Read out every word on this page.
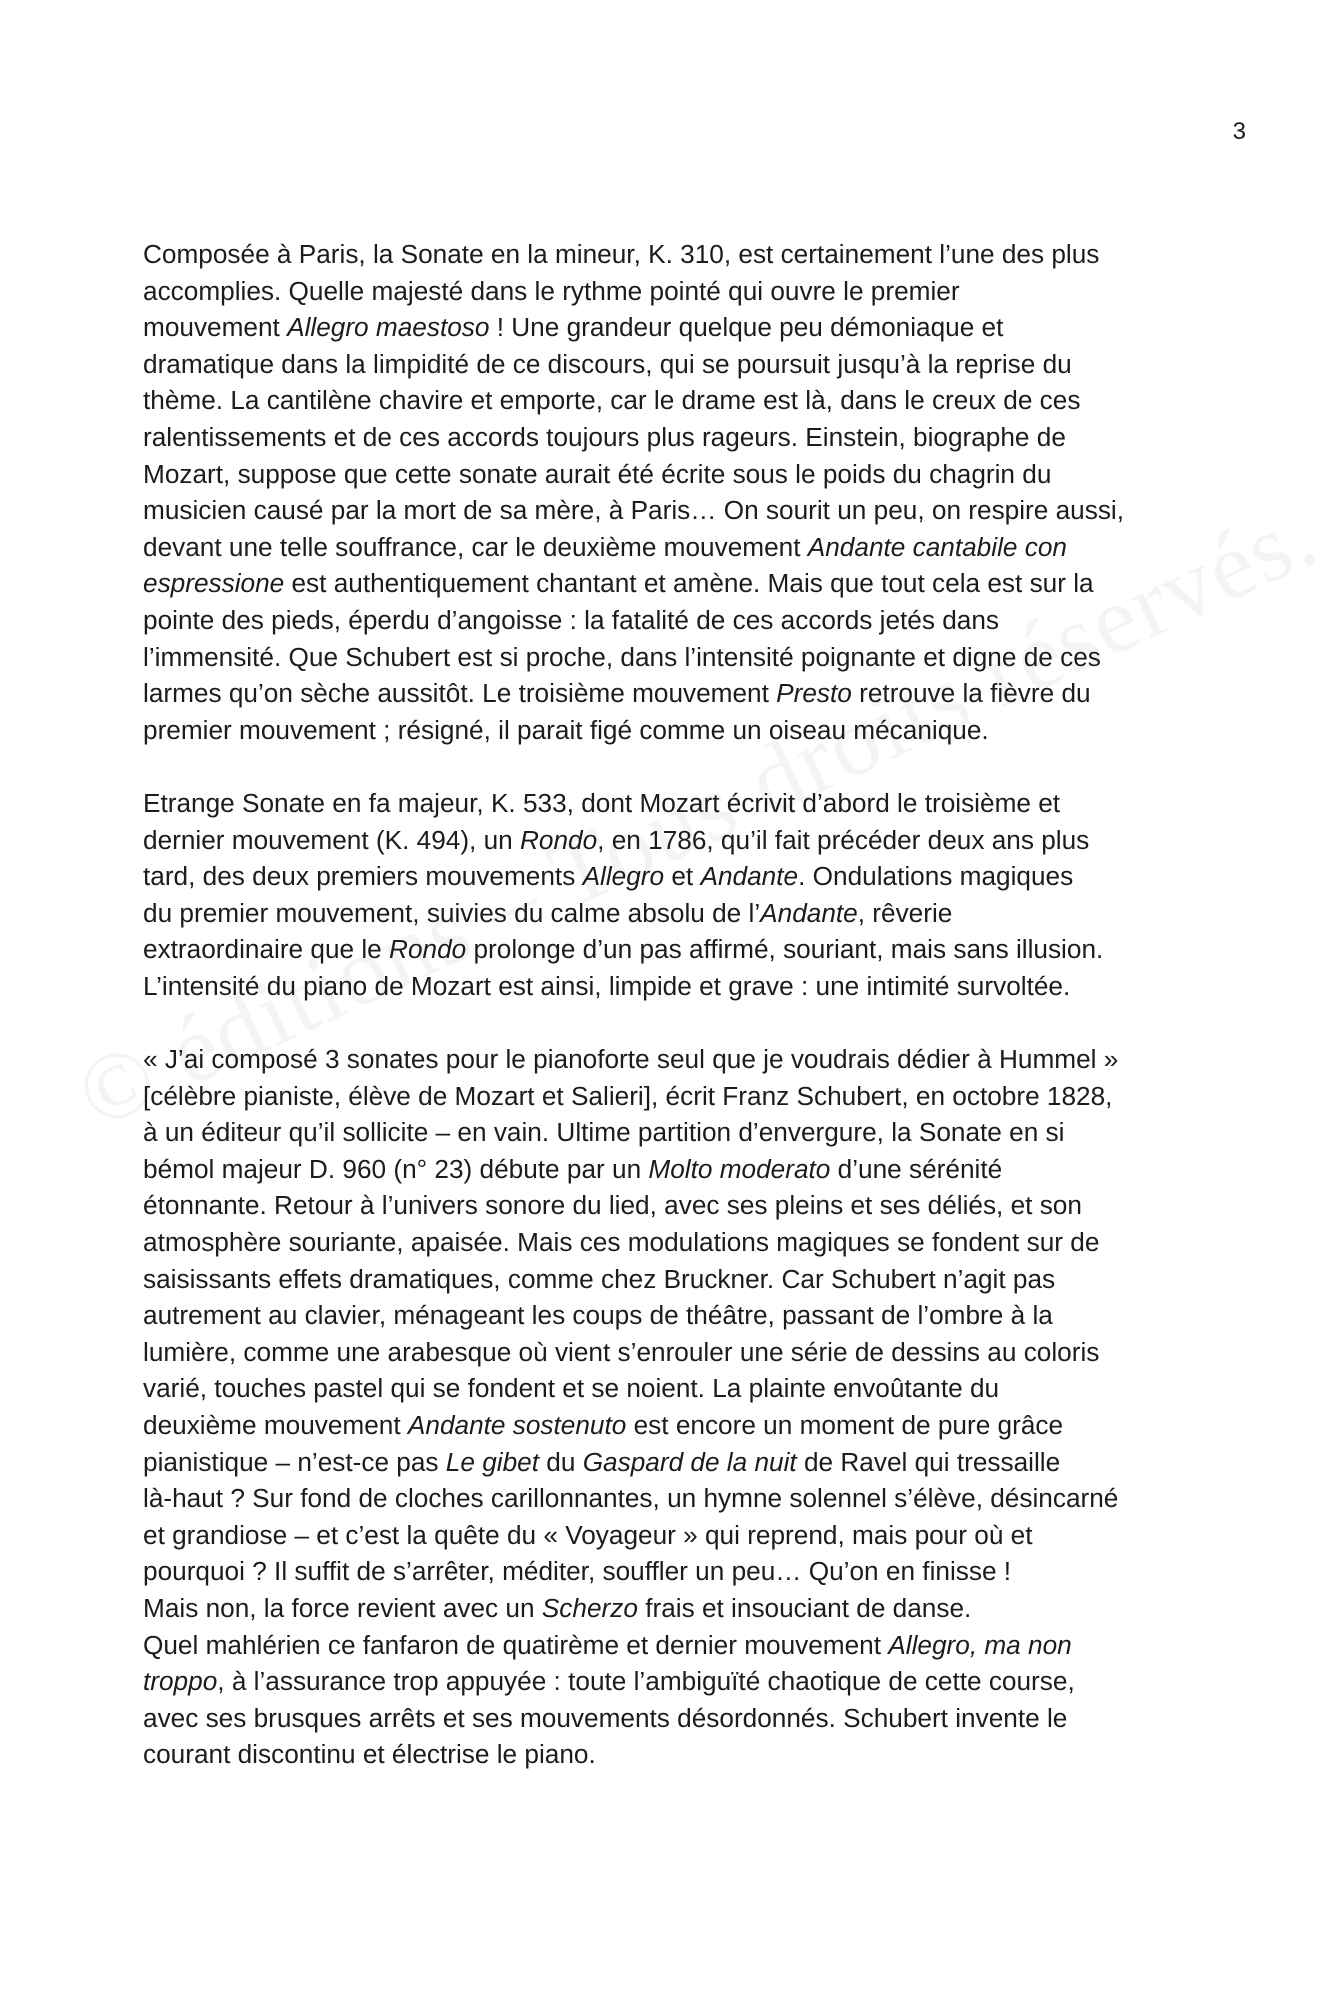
3
Composée à Paris, la Sonate en la mineur, K. 310, est certainement l’une des plus
accomplies. Quelle majesté dans le rythme pointé qui ouvre le premier
mouvement Allegro maestoso ! Une grandeur quelque peu démoniaque et
dramatique dans la limpidité de ce discours, qui se poursuit jusqu’à la reprise du
thème. La cantilène chavire et emporte, car le drame est là, dans le creux de ces
ralentissements et de ces accords toujours plus rageurs. Einstein, biographe de
Mozart, suppose que cette sonate aurait été écrite sous le poids du chagrin du
musicien causé par la mort de sa mère, à Paris… On sourit un peu, on respire aussi,
devant une telle souffrance, car le deuxième mouvement Andante cantabile con
espressione est authentiquement chantant et amène. Mais que tout cela est sur la
pointe des pieds, éperdu d’angoisse : la fatalité de ces accords jetés dans
l’immensité. Que Schubert est si proche, dans l’intensité poignante et digne de ces
larmes qu’on sèche aussitôt. Le troisième mouvement Presto retrouve la fièvre du
premier mouvement ; résigné, il parait figé comme un oiseau mécanique.
Etrange Sonate en fa majeur, K. 533, dont Mozart écrivit d’abord le troisième et
dernier mouvement (K. 494), un Rondo, en 1786, qu’il fait précéder deux ans plus
tard, des deux premiers mouvements Allegro et Andante. Ondulations magiques
du premier mouvement, suivies du calme absolu de l’Andante, rêverie
extraordinaire que le Rondo prolonge d’un pas affirmé, souriant, mais sans illusion.
L’intensité du piano de Mozart est ainsi, limpide et grave : une intimité survoltée.
« J’ai composé 3 sonates pour le pianoforte seul que je voudrais dédier à Hummel »
[célèbre pianiste, élève de Mozart et Salieri], écrit Franz Schubert, en octobre 1828,
à un éditeur qu’il sollicite – en vain. Ultime partition d’envergure, la Sonate en si
bémol majeur D. 960 (n° 23) débute par un Molto moderato d’une sérénité
étonnante. Retour à l’univers sonore du lied, avec ses pleins et ses déliés, et son
atmosphère souriante, apaisée. Mais ces modulations magiques se fondent sur de
saisissants effets dramatiques, comme chez Bruckner. Car Schubert n’agit pas
autrement au clavier, ménageant les coups de théâtre, passant de l’ombre à la
lumière, comme une arabesque où vient s’enrouler une série de dessins au coloris
varié, touches pastel qui se fondent et se noient. La plainte envoûtante du
deuxième mouvement Andante sostenuto est encore un moment de pure grâce
pianistique – n’est-ce pas Le gibet du Gaspard de la nuit de Ravel qui tressaille
là-haut ? Sur fond de cloches carillonnantes, un hymne solennel s’élève, désincarné
et grandiose – et c’est la quête du « Voyageur » qui reprend, mais pour où et
pourquoi ? Il suffit de s’arrêter, méditer, souffler un peu… Qu’on en finisse !
Mais non, la force revient avec un Scherzo frais et insouciant de danse.
Quel mahlérien ce fanfaron de quatirème et dernier mouvement Allegro, ma non
troppo, à l’assurance trop appuyée : toute l’ambiguïté chaotique de cette course,
avec ses brusques arrêts et ses mouvements désordonnés. Schubert invente le
courant discontinu et électrise le piano.
